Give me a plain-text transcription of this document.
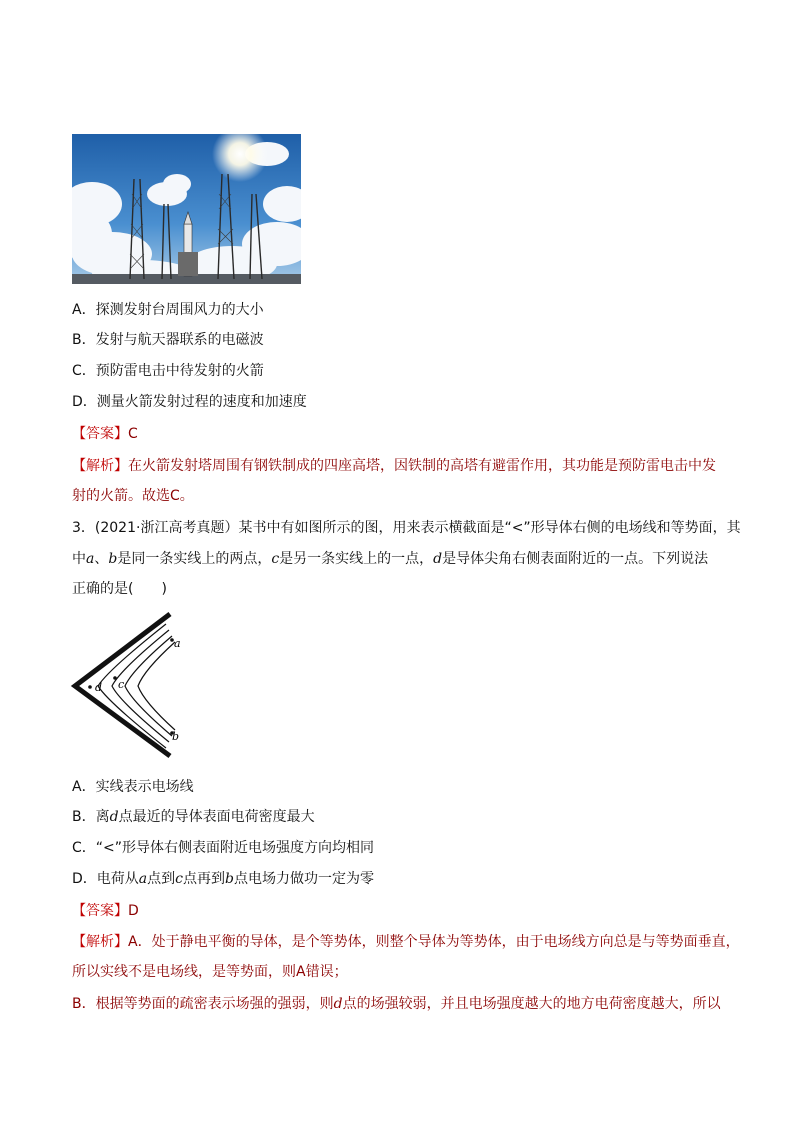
A．探测发射台周围风力的大小
B．发射与航天器联系的电磁波
C．预防雷电击中待发射的火箭
D．测量火箭发射过程的速度和加速度
【答案】C
【解析】在火箭发射塔周围有钢铁制成的四座高塔，因铁制的高塔有避雷作用，其功能是预防雷电击中发
射的火箭。故选C。
3．(2021·浙江高考真题）某书中有如图所示的图，用来表示横截面是“<”形导体右侧的电场线和等势面，其
中a、b是同一条实线上的两点，c是另一条实线上的一点，d是导体尖角右侧表面附近的一点。下列说法
正确的是(　　)
a
b
c
d
A．实线表示电场线
B．离d点最近的导体表面电荷密度最大
C．“<”形导体右侧表面附近电场强度方向均相同
D．电荷从a点到c点再到b点电场力做功一定为零
【答案】D
【解析】A．处于静电平衡的导体，是个等势体，则整个导体为等势体，由于电场线方向总是与等势面垂直，
所以实线不是电场线，是等势面，则A错误；
B．根据等势面的疏密表示场强的强弱，则d点的场强较弱，并且电场强度越大的地方电荷密度越大，所以
